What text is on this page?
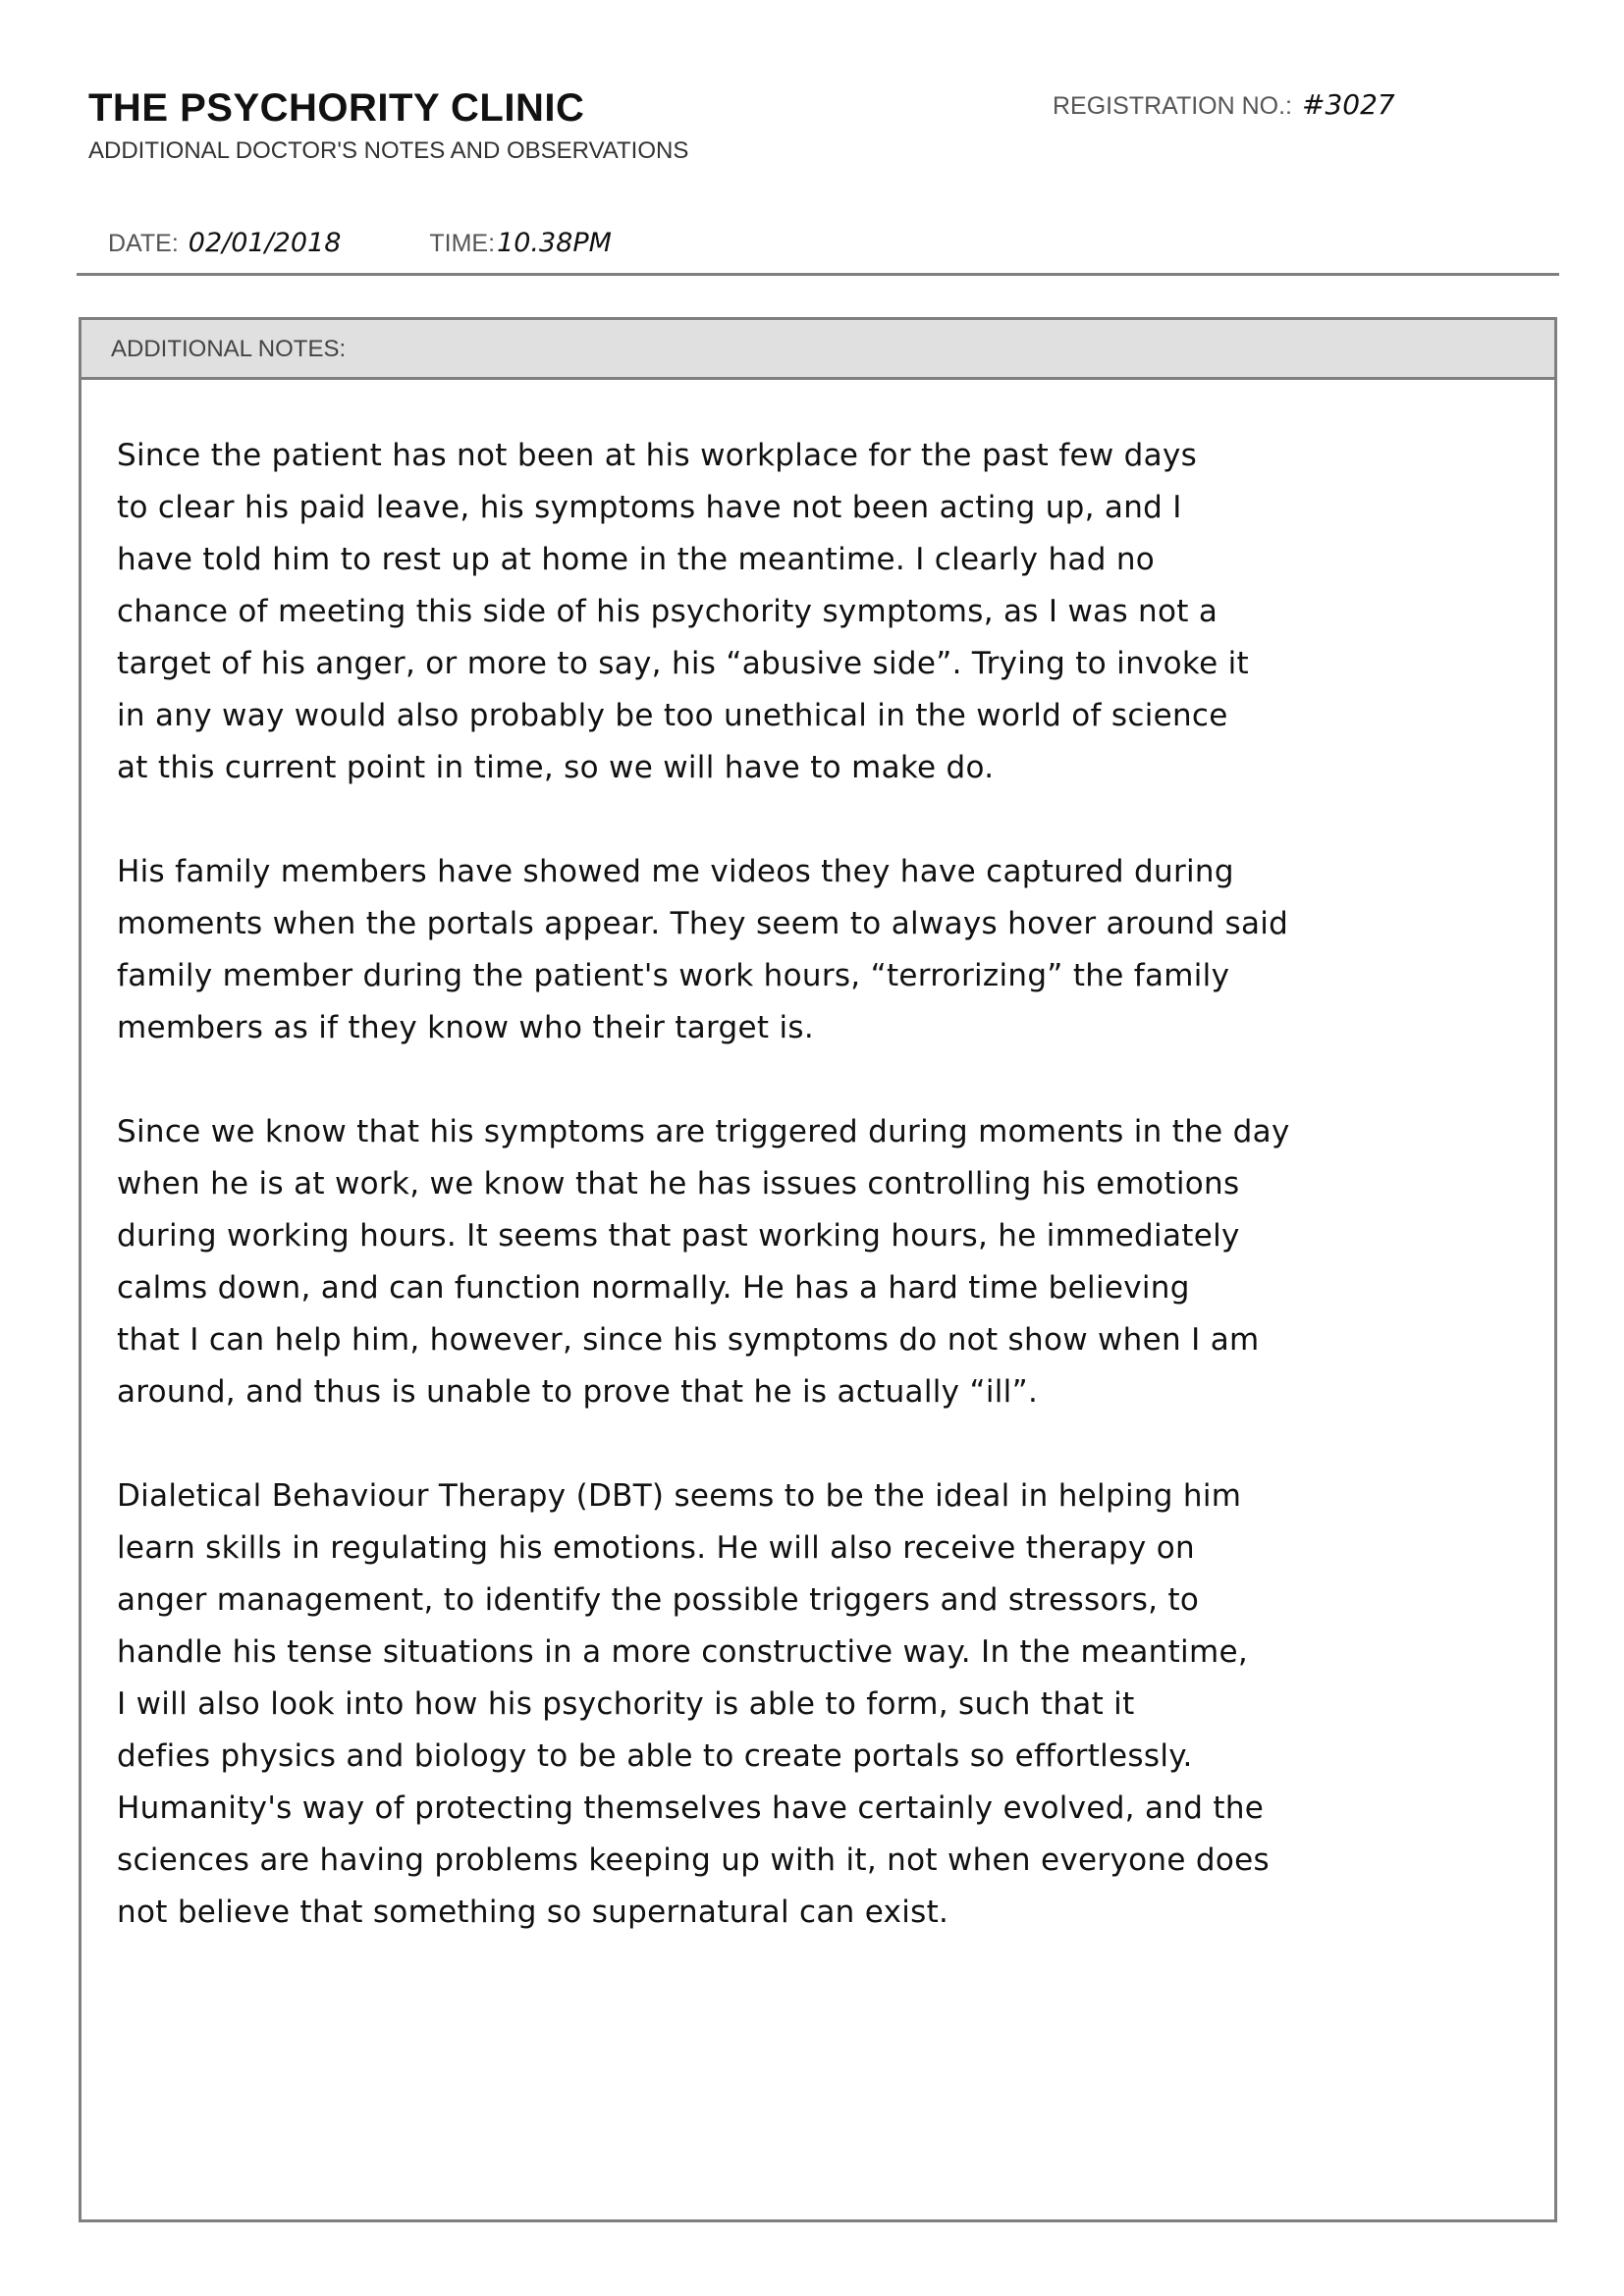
THE PSYCHORITY CLINIC
ADDITIONAL DOCTOR'S NOTES AND OBSERVATIONS
REGISTRATION NO.: #3027
DATE: 02/01/2018	TIME:10.38PM
ADDITIONAL NOTES:
Since the patient has not been at his workplace for the past few days
to clear his paid leave, his symptoms have not been acting up, and I
have told him to rest up at home in the meantime. I clearly had no
chance of meeting this side of his psychority symptoms, as I was not a
target of his anger, or more to say, his “abusive side”. Trying to invoke it
in any way would also probably be too unethical in the world of science
at this current point in time, so we will have to make do.
His family members have showed me videos they have captured during
moments when the portals appear. They seem to always hover around said
family member during the patient's work hours, “terrorizing” the family
members as if they know who their target is.
Since we know that his symptoms are triggered during moments in the day
when he is at work, we know that he has issues controlling his emotions
during working hours. It seems that past working hours, he immediately
calms down, and can function normally. He has a hard time believing
that I can help him, however, since his symptoms do not show when I am
around, and thus is unable to prove that he is actually “ill”.
Dialetical Behaviour Therapy (DBT) seems to be the ideal in helping him
learn skills in regulating his emotions. He will also receive therapy on
anger management, to identify the possible triggers and stressors, to
handle his tense situations in a more constructive way. In the meantime,
I will also look into how his psychority is able to form, such that it
defies physics and biology to be able to create portals so effortlessly.
Humanity's way of protecting themselves have certainly evolved, and the
sciences are having problems keeping up with it, not when everyone does
not believe that something so supernatural can exist.
